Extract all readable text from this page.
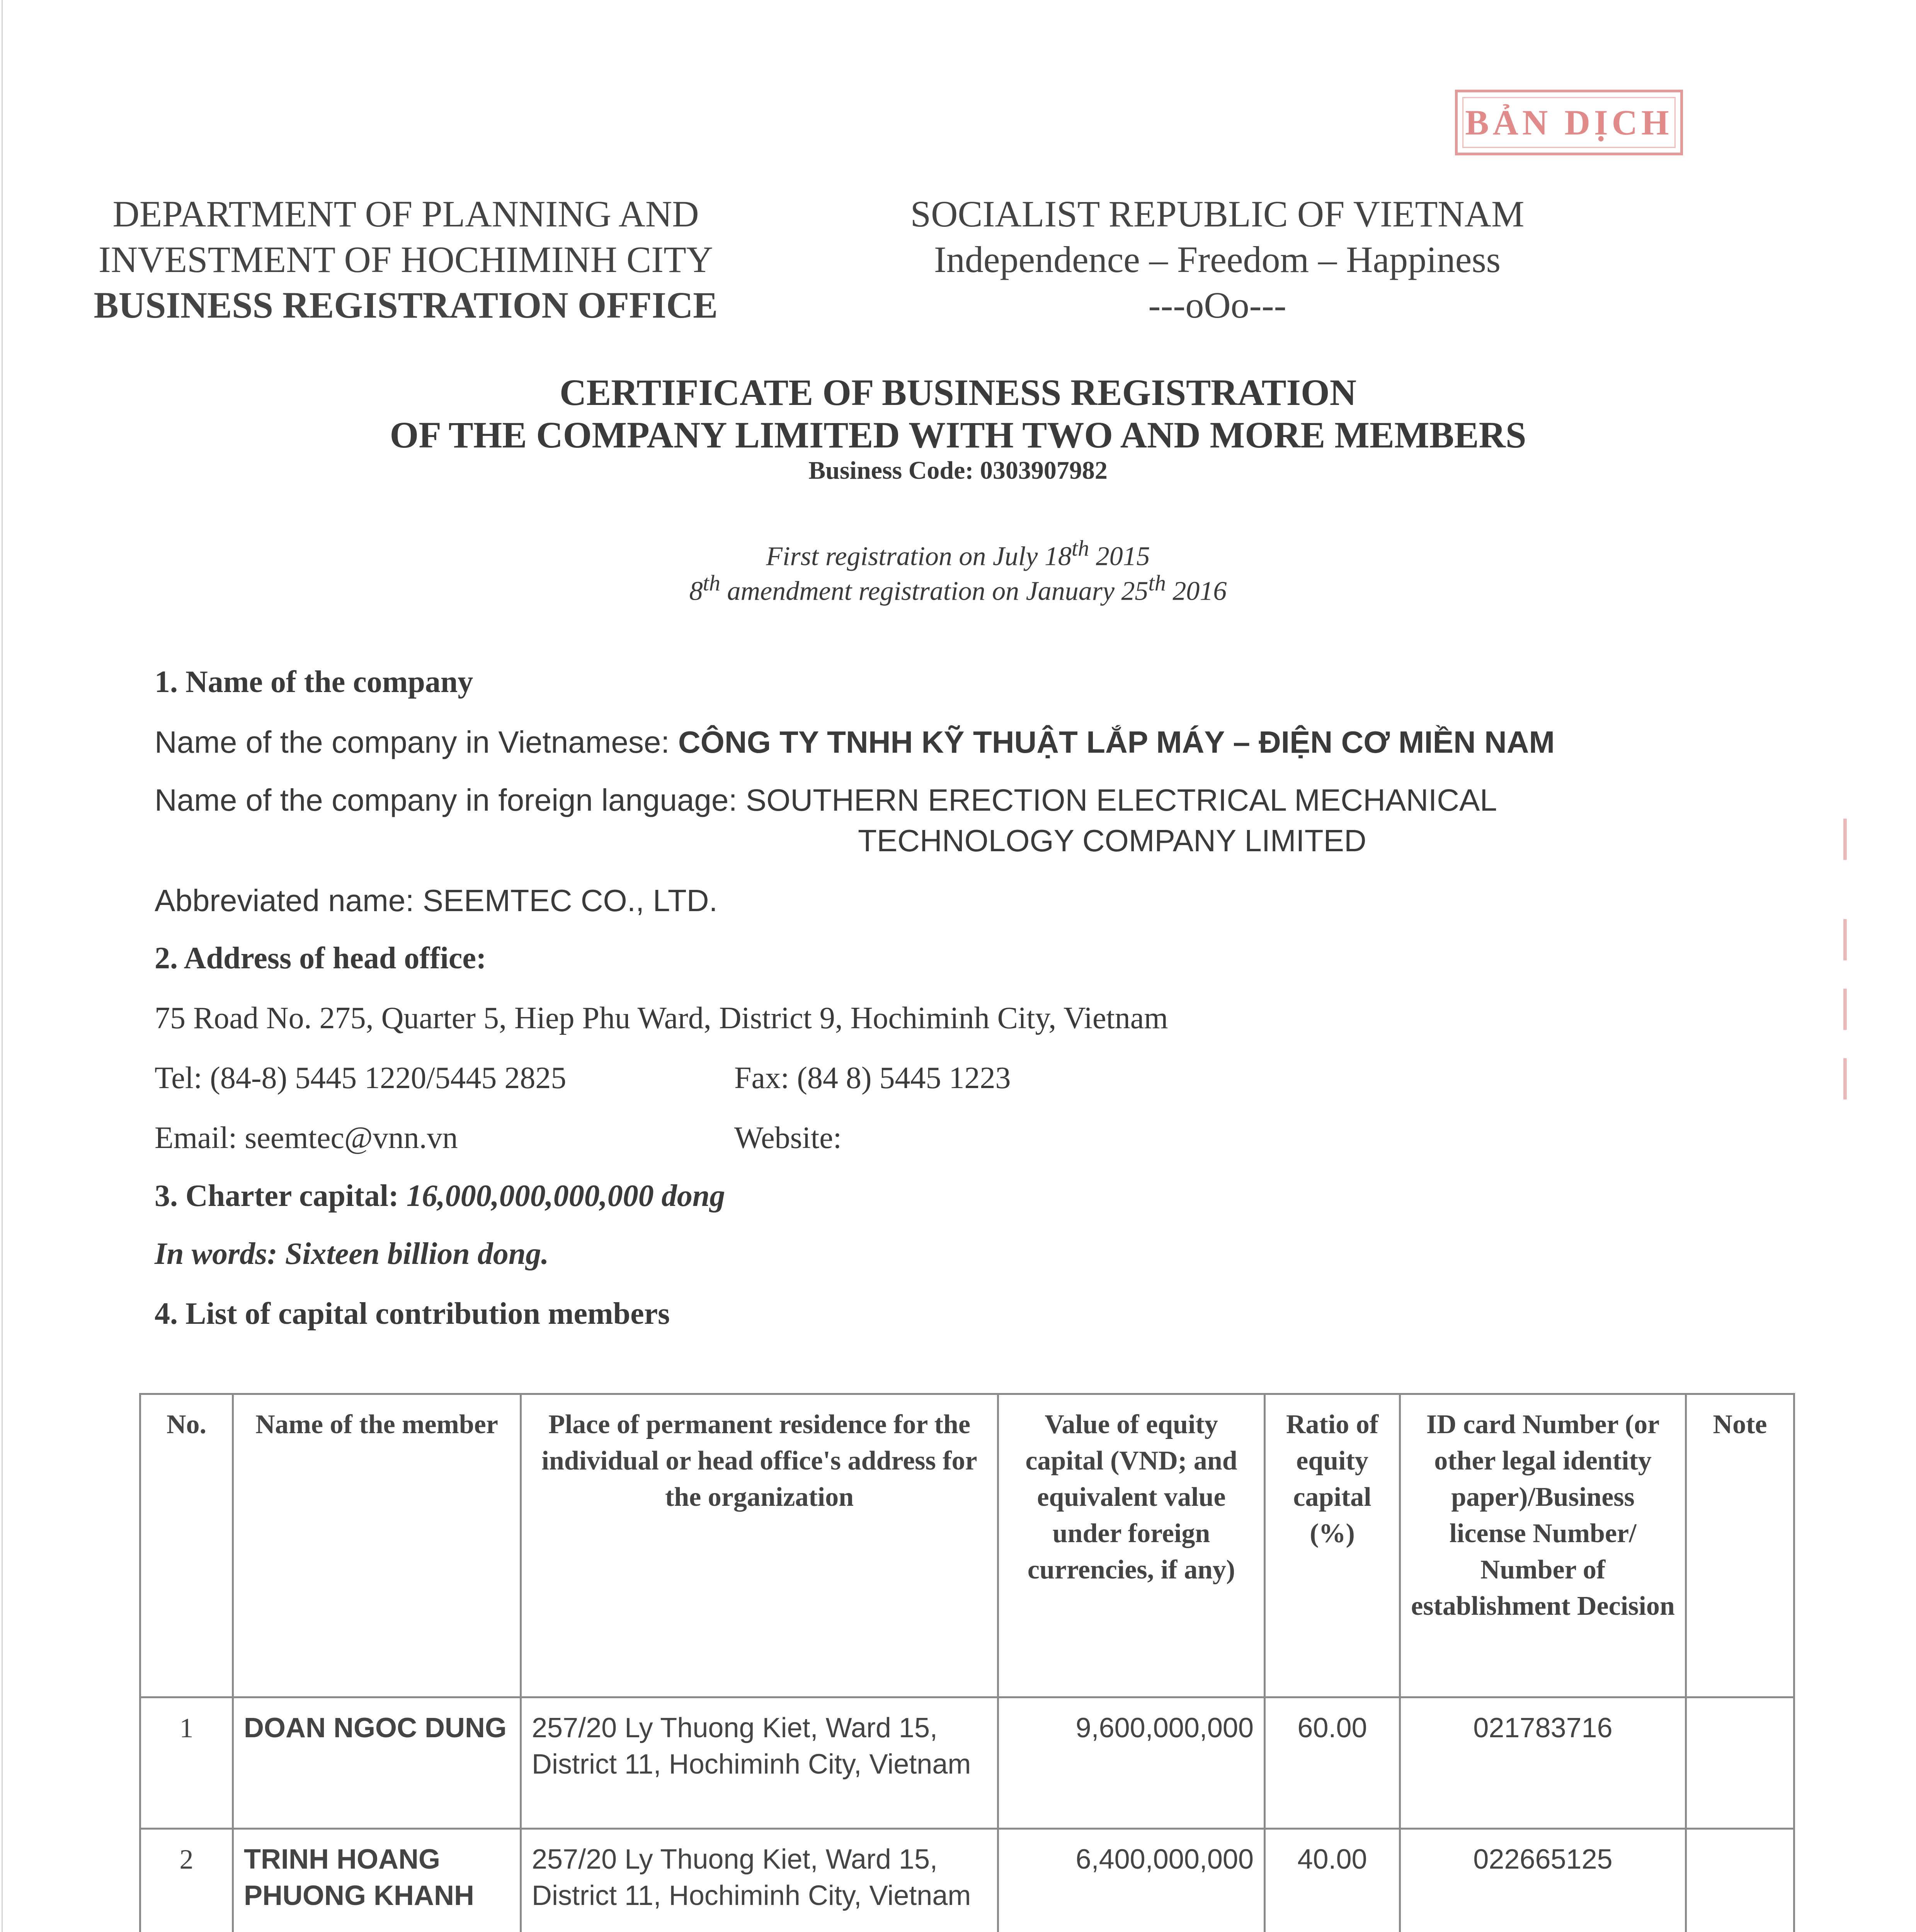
BẢN DỊCH
▕
▕
▕
▕
DEPARTMENT OF PLANNING AND
INVESTMENT OF HOCHIMINH CITY
BUSINESS REGISTRATION OFFICE
SOCIALIST REPUBLIC OF VIETNAM
Independence – Freedom – Happiness
---oOo---
CERTIFICATE OF BUSINESS REGISTRATION
OF THE COMPANY LIMITED WITH TWO AND MORE MEMBERS
Business Code: 0303907982
First registration on July 18th 2015
8th amendment registration on January 25th 2016
1. Name of the company
Name of the company in Vietnamese: CÔNG TY TNHH KỸ THUẬT LẮP MÁY – ĐIỆN CƠ MIỀN NAM
Name of the company in foreign language: SOUTHERN ERECTION ELECTRICAL MECHANICAL
TECHNOLOGY COMPANY LIMITED
Abbreviated name: SEEMTEC CO., LTD.
2. Address of head office:
75 Road No. 275, Quarter 5, Hiep Phu Ward, District 9, Hochiminh City, Vietnam
Tel: (84-8) 5445 1220/5445 2825	Fax: (84 8) 5445 1223
Email: seemtec@vnn.vn	Website:
3. Charter capital: 16,000,000,000,000 dong
In words: Sixteen billion dong.
4. List of capital contribution members
No.	Name of the member	Place of permanent residence for the individual or head office's address for the organization	Value of equity capital (VND; and equivalent value under foreign currencies, if any)	Ratio of equity capital (%)	ID card Number (or other legal identity paper)/Business license Number/ Number of establishment Decision	Note
1	DOAN NGOC DUNG	257/20 Ly Thuong Kiet, Ward 15, District 11, Hochiminh City, Vietnam	9,600,000,000	60.00	021783716	
2	TRINH HOANG PHUONG KHANH	257/20 Ly Thuong Kiet, Ward 15, District 11, Hochiminh City, Vietnam	6,400,000,000	40.00	022665125	
